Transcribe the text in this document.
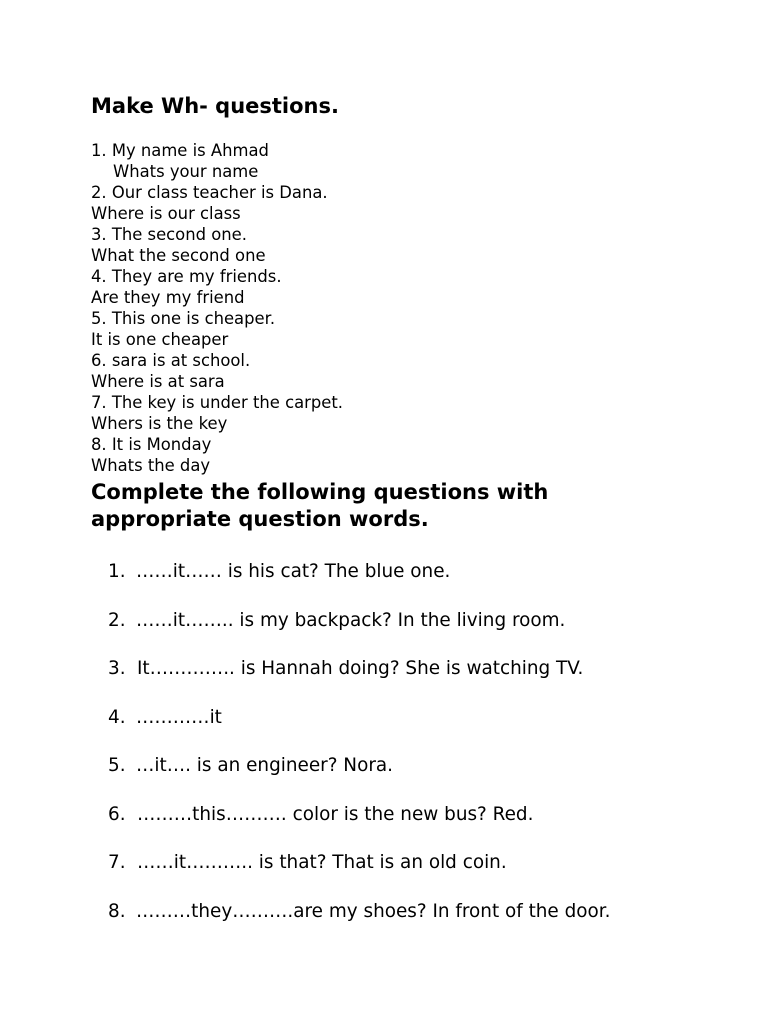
Make Wh- questions.
1. My name is Ahmad
Whats your name
2. Our class teacher is Dana.
Where is our class
3. The second one.
What the second one
4. They are my friends.
Are they my friend
5. This one is cheaper.
It is one cheaper
6. sara is at school.
Where is at sara
7. The key is under the carpet.
Whers is the key
8. It is Monday
Whats the day
Complete the following questions with appropriate question words.
1. ……it…… is his cat? The blue one.
2. ……it…….. is my backpack? In the living room.
3. It………….. is Hannah doing? She is watching TV.
4. …………it
5. …it…. is an engineer? Nora.
6. ………this………. color is the new bus? Red.
7. ……it……….. is that? That is an old coin.
8. ………they……….are my shoes? In front of the door.
